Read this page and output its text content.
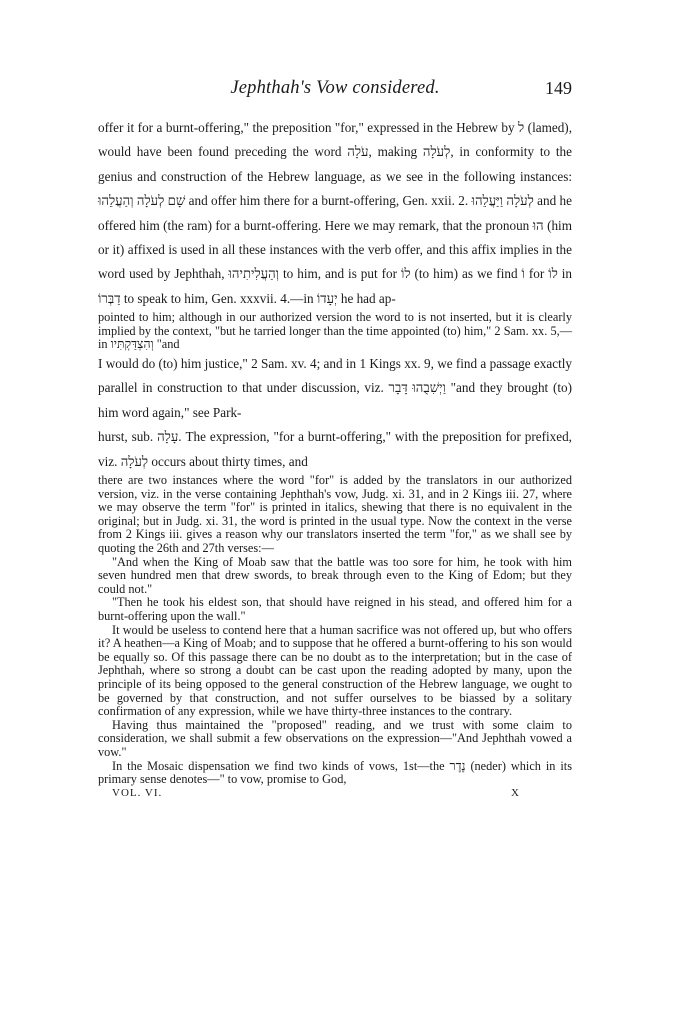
Jephthah's Vow considered.	149

offer it for a burnt-offering," the preposition "for," expressed in the Hebrew by ל (lamed), would have been found preceding the word עֹלָה, making לְעֹלָה, in conformity to the genius and construction of the Hebrew language, as we see in the following instances: שָׁם לְעֹלָה וְהַעֲלֵהוּ and offer him there for a burnt-offering, Gen. xxii. 2. לְעֹלָה וַיַּעֲלֵהוּ and he offered him (the ram) for a burnt-offering. Here we may remark, that the pronoun הוּ (him or it) affixed is used in all these instances with the verb offer, and this affix implies in the word used by Jephthah, וְהַעֲלִיתִיהוּ to him, and is put for לוֹ (to him) as we find וֹ for לוֹ in דַבְּרוֹ to speak to him, Gen. xxxvii. 4.—in יְעָדוֹ he had ap-

pointed to him; although in our authorized version the word to is not inserted, but it is clearly implied by the context, "but he tarried longer than the time appointed (to) him," 2 Sam. xx. 5,—in וְהִצְדַּקְתִּיו "and

I would do (to) him justice," 2 Sam. xv. 4; and in 1 Kings xx. 9, we find a passage exactly parallel in construction to that under discussion, viz. וַיְשִׁבֻהוּ דָּבָר "and they brought (to) him word again," see Park-

hurst, sub. עָלָה. The expression, "for a burnt-offering," with the preposition for prefixed, viz. לְעֹלָה occurs about thirty times, and

there are two instances where the word "for" is added by the translators in our authorized version, viz. in the verse containing Jephthah's vow, Judg. xi. 31, and in 2 Kings iii. 27, where we may observe the term "for" is printed in italics, shewing that there is no equivalent in the original; but in Judg. xi. 31, the word is printed in the usual type. Now the context in the verse from 2 Kings iii. gives a reason why our translators inserted the term "for," as we shall see by quoting the 26th and 27th verses:—

"And when the King of Moab saw that the battle was too sore for him, he took with him seven hundred men that drew swords, to break through even to the King of Edom; but they could not."

"Then he took his eldest son, that should have reigned in his stead, and offered him for a burnt-offering upon the wall."

It would be useless to contend here that a human sacrifice was not offered up, but who offers it? A heathen—a King of Moab; and to suppose that he offered a burnt-offering to his son would be equally so. Of this passage there can be no doubt as to the interpretation; but in the case of Jephthah, where so strong a doubt can be cast upon the reading adopted by many, upon the principle of its being opposed to the general construction of the Hebrew language, we ought to be governed by that construction, and not suffer ourselves to be biassed by a solitary confirmation of any expression, while we have thirty-three instances to the contrary.

Having thus maintained the "proposed" reading, and we trust with some claim to consideration, we shall submit a few observations on the expression—"And Jephthah vowed a vow."

In the Mosaic dispensation we find two kinds of vows, 1st—the נֶדֶר (neder) which in its primary sense denotes—" to vow, promise to God,

VOL. VI.	X
